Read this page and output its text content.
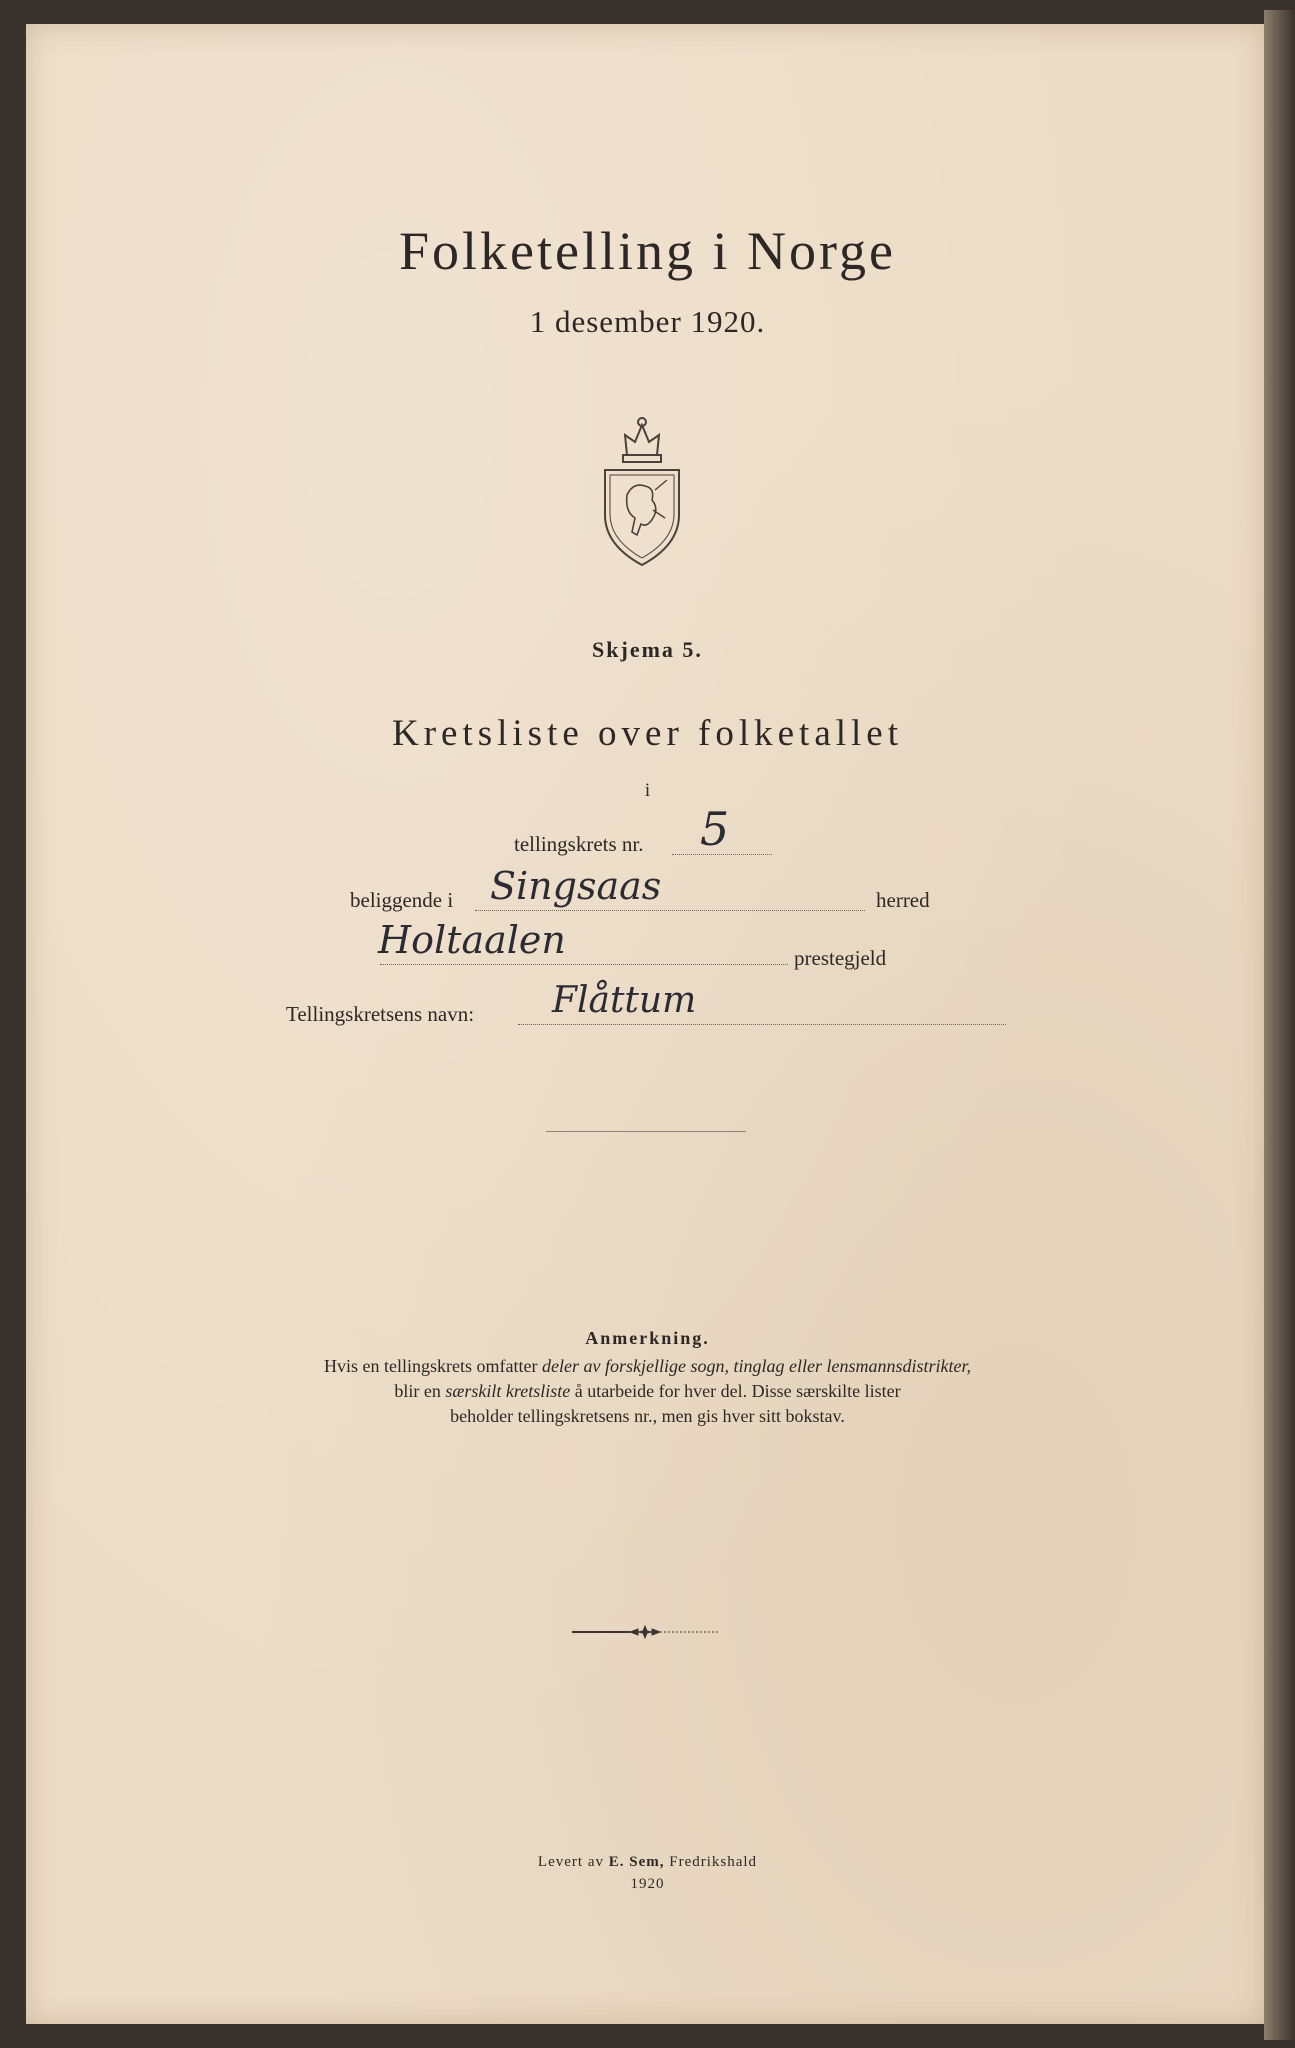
Folketelling i Norge
1 desember 1920.
Skjema 5.
Kretsliste over folketallet
i
tellingskrets nr. 5
beliggende i Singsaas	herred
Holtaalen	prestegjeld
Tellingskretsens navn: Flåttum
Anmerkning.
Hvis en tellingskrets omfatter deler av forskjellige sogn, tinglag eller lensmannsdistrikter,
blir en særskilt kretsliste å utarbeide for hver del. Disse særskilte lister
beholder tellingskretsens nr., men gis hver sitt bokstav.
Levert av E. Sem, Fredrikshald
1920
